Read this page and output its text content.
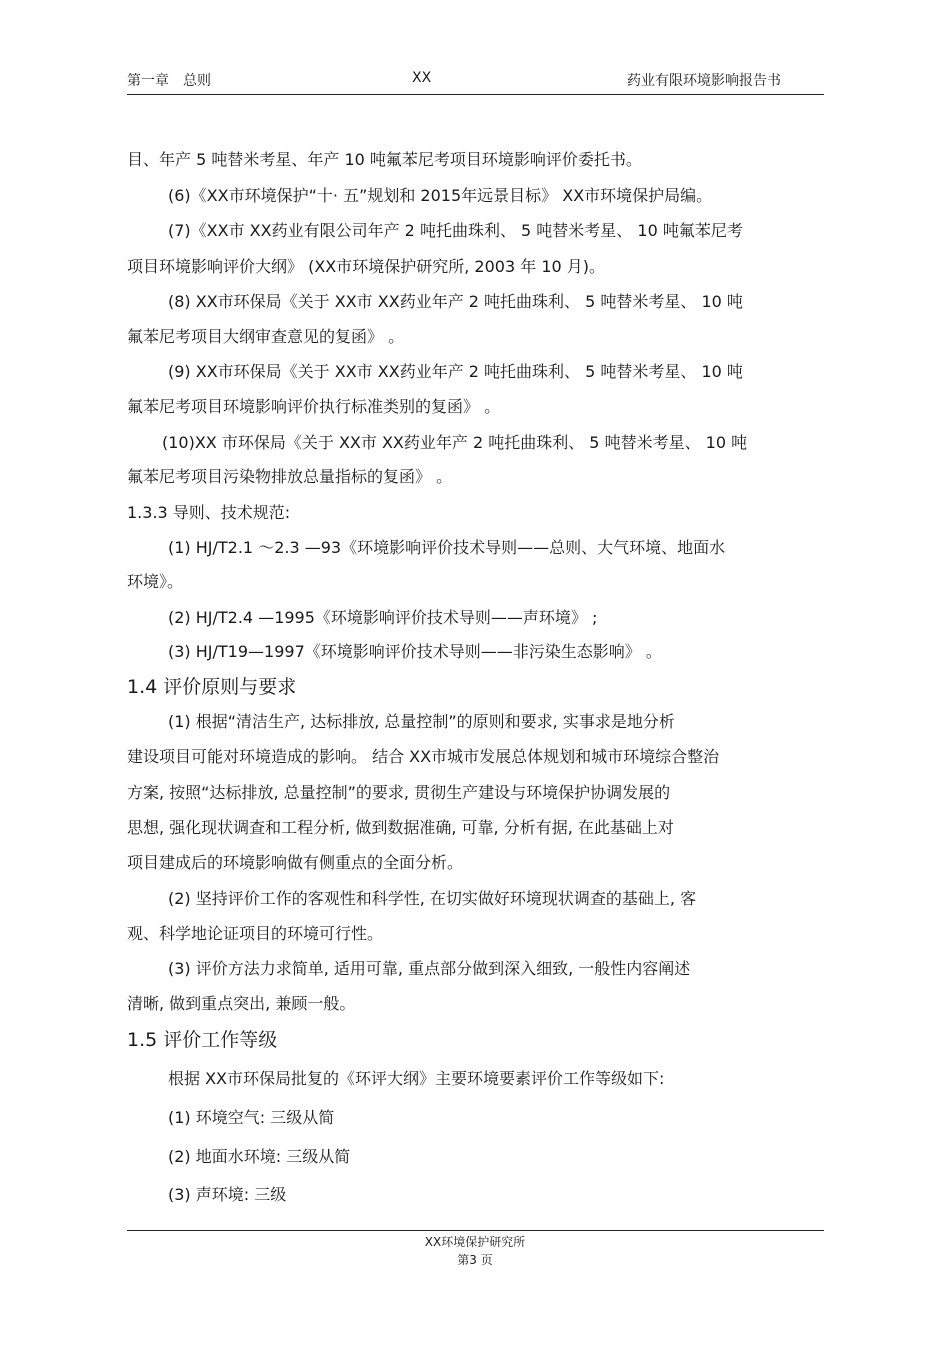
第一章　总则	XX	药业有限环境影响报告书
目、年产 5 吨替米考星、年产 10 吨氟苯尼考项目环境影响评价委托书。
(6)《XX市环境保护“十· 五”规划和 2015年远景目标》 XX市环境保护局编。
(7)《XX市 XX药业有限公司年产 2 吨托曲珠利、 5 吨替米考星、 10 吨氟苯尼考
项目环境影响评价大纲》 (XX市环境保护研究所, 2003 年 10 月)。
(8) XX市环保局《关于 XX市 XX药业年产 2 吨托曲珠利、 5 吨替米考星、 10 吨
氟苯尼考项目大纲审查意见的复函》 。
(9) XX市环保局《关于 XX市 XX药业年产 2 吨托曲珠利、 5 吨替米考星、 10 吨
氟苯尼考项目环境影响评价执行标准类别的复函》 。
(10)XX 市环保局《关于 XX市 XX药业年产 2 吨托曲珠利、 5 吨替米考星、 10 吨
氟苯尼考项目污染物排放总量指标的复函》 。
1.3.3 导则、技术规范:
(1) HJ/T2.1 ～2.3 —93《环境影响评价技术导则——总则、大气环境、地面水
环境》。
(2) HJ/T2.4 —1995《环境影响评价技术导则——声环境》 ;
(3) HJ/T19—1997《环境影响评价技术导则——非污染生态影响》 。
1.4 评价原则与要求
(1) 根据“清洁生产, 达标排放, 总量控制”的原则和要求, 实事求是地分析
建设项目可能对环境造成的影响。 结合 XX市城市发展总体规划和城市环境综合整治
方案, 按照“达标排放, 总量控制”的要求, 贯彻生产建设与环境保护协调发展的
思想, 强化现状调查和工程分析, 做到数据准确, 可靠, 分析有据, 在此基础上对
项目建成后的环境影响做有侧重点的全面分析。
(2) 坚持评价工作的客观性和科学性, 在切实做好环境现状调查的基础上, 客
观、科学地论证项目的环境可行性。
(3) 评价方法力求简单, 适用可靠, 重点部分做到深入细致, 一般性内容阐述
清晰, 做到重点突出, 兼顾一般。
1.5 评价工作等级
根据 XX市环保局批复的《环评大纲》主要环境要素评价工作等级如下:
(1) 环境空气: 三级从简
(2) 地面水环境: 三级从简
(3) 声环境: 三级
XX环境保护研究所
第3 页
